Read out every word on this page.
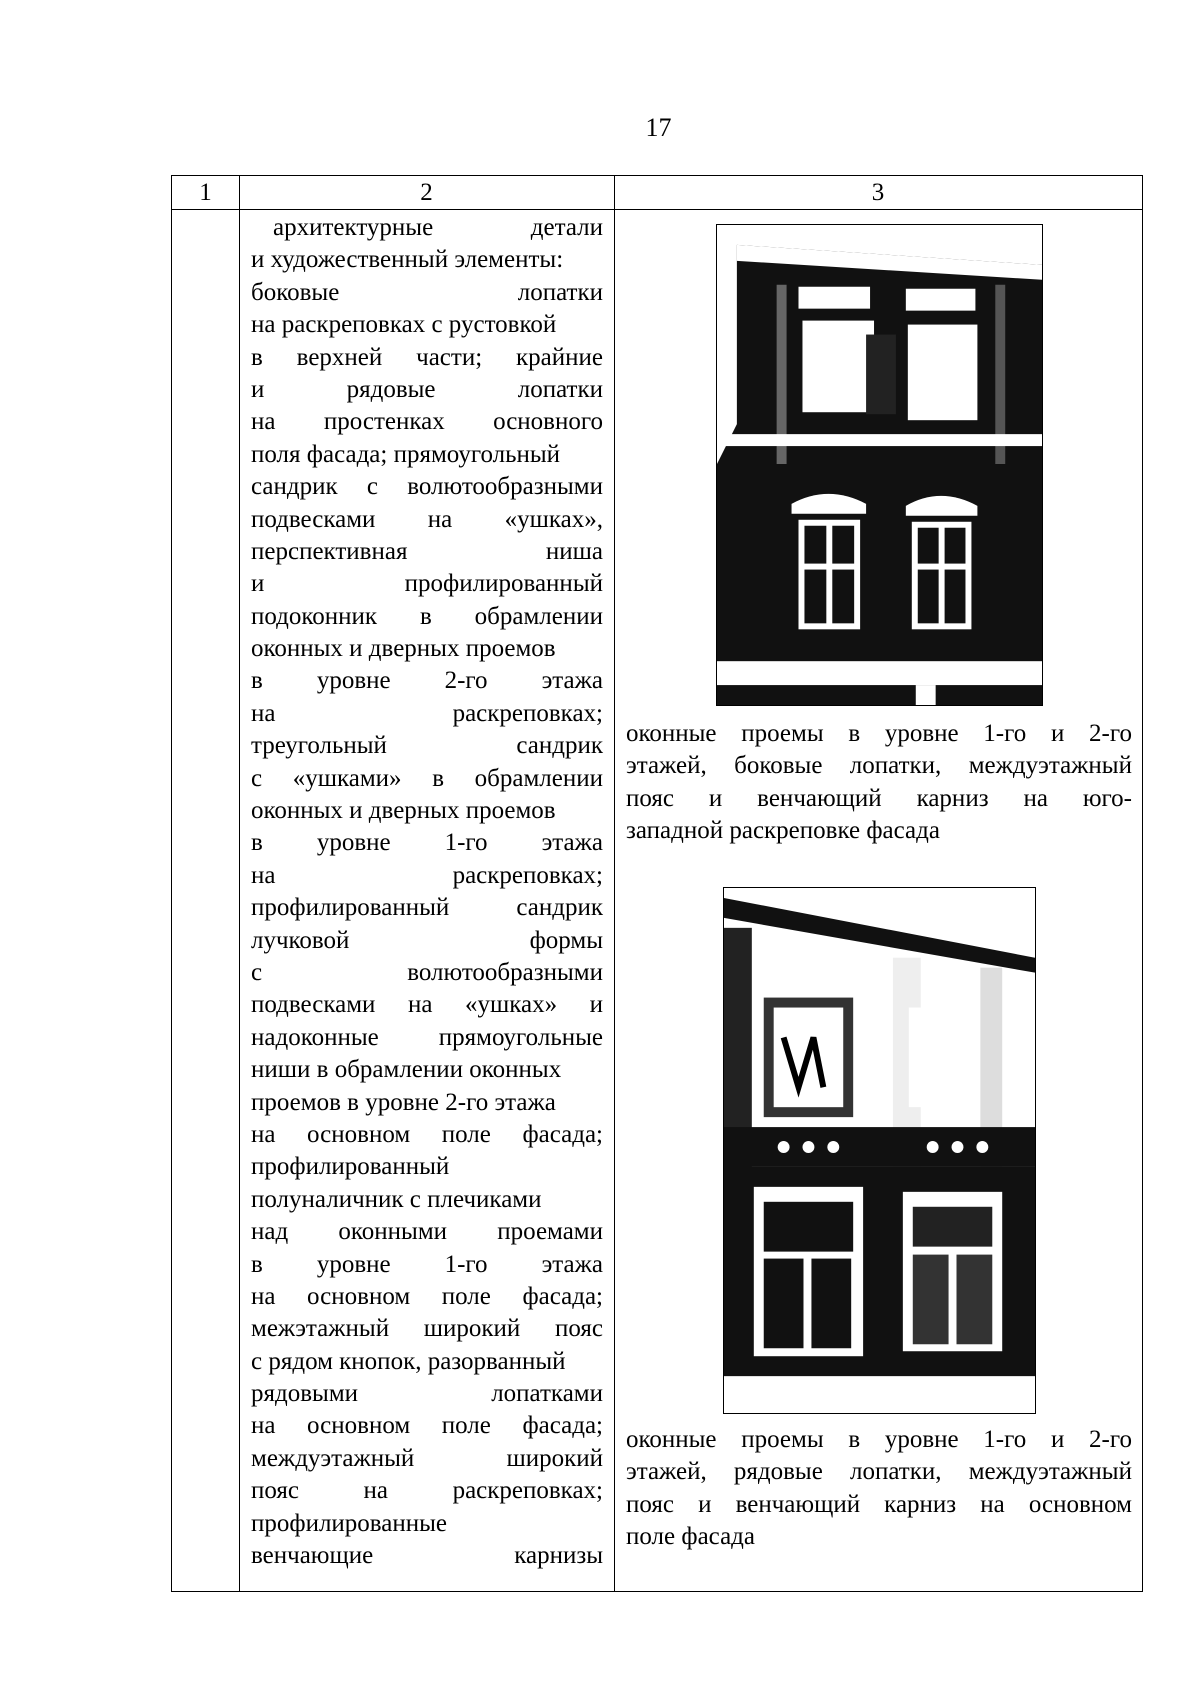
17
1	2	3
архитектурные детали
и художественный элементы:
боковые лопатки
на раскреповках с рустовкой
в верхней части; крайние
и рядовые лопатки
на простенках основного
поля фасада; прямоугольный
сандрик с волютообразными
подвесками на «ушках»,
перспективная ниша
и профилированный
подоконник в обрамлении
оконных и дверных проемов
в уровне 2-го этажа
на раскреповках;
треугольный сандрик
с «ушками» в обрамлении
оконных и дверных проемов
в уровне 1-го этажа
на раскреповках;
профилированный сандрик
лучковой формы
с волютообразными
подвесками на «ушках» и
надоконные прямоугольные
ниши в обрамлении оконных
проемов в уровне 2-го этажа
на основном поле фасада;
профилированный
полуналичник с плечиками
над оконными проемами
в уровне 1-го этажа
на основном поле фасада;
межэтажный широкий пояс
с рядом кнопок, разорванный
рядовыми лопатками
на основном поле фасада;
междуэтажный широкий
пояс на раскреповках;
профилированные
венчающие карнизы
оконные проемы в уровне 1-го и 2-го
этажей, боковые лопатки, междуэтажный
пояс и венчающий карниз на юго-
западной раскреповке фасада
оконные проемы в уровне 1-го и 2-го
этажей, рядовые лопатки, междуэтажный
пояс и венчающий карниз на основном
поле фасада
